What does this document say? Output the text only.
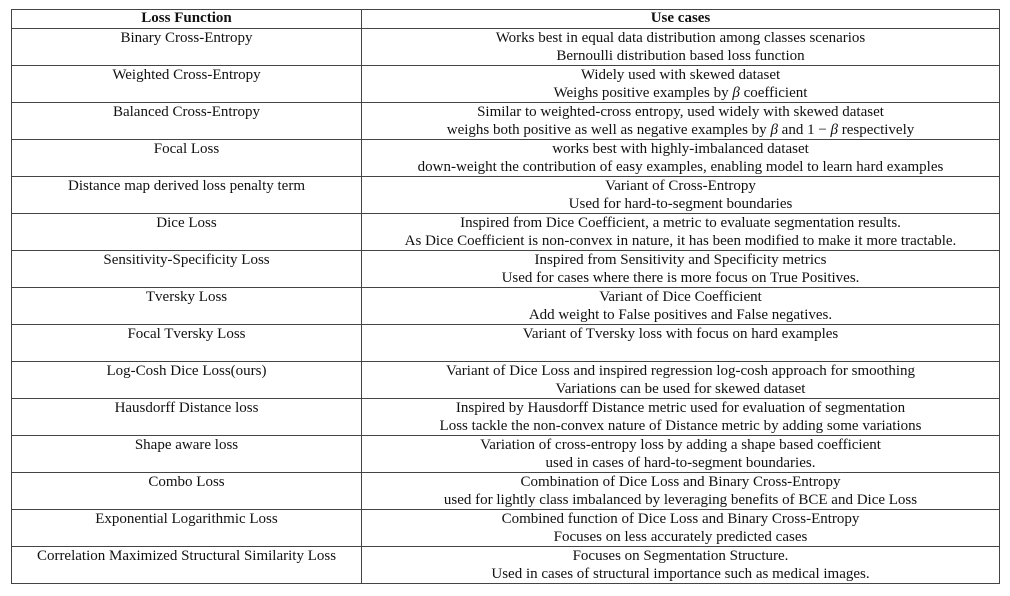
Loss Function	Use cases

Binary Cross-Entropy	Works best in equal data distribution among classes scenarios
Bernoulli distribution based loss function

Weighted Cross-Entropy	Widely used with skewed dataset
Weighs positive examples by β coefficient

Balanced Cross-Entropy	Similar to weighted-cross entropy, used widely with skewed dataset
weighs both positive as well as negative examples by β and 1 − β respectively

Focal Loss	works best with highly-imbalanced dataset
down-weight the contribution of easy examples, enabling model to learn hard examples

Distance map derived loss penalty term	Variant of Cross-Entropy
Used for hard-to-segment boundaries

Dice Loss	Inspired from Dice Coefficient, a metric to evaluate segmentation results.
As Dice Coefficient is non-convex in nature, it has been modified to make it more tractable.

Sensitivity-Specificity Loss	Inspired from Sensitivity and Specificity metrics
Used for cases where there is more focus on True Positives.

Tversky Loss	Variant of Dice Coefficient
Add weight to False positives and False negatives.

Focal Tversky Loss	Variant of Tversky loss with focus on hard examples

Log-Cosh Dice Loss(ours)	Variant of Dice Loss and inspired regression log-cosh approach for smoothing
Variations can be used for skewed dataset

Hausdorff Distance loss	Inspired by Hausdorff Distance metric used for evaluation of segmentation
Loss tackle the non-convex nature of Distance metric by adding some variations

Shape aware loss	Variation of cross-entropy loss by adding a shape based coefficient
used in cases of hard-to-segment boundaries.

Combo Loss	Combination of Dice Loss and Binary Cross-Entropy
used for lightly class imbalanced by leveraging benefits of BCE and Dice Loss

Exponential Logarithmic Loss	Combined function of Dice Loss and Binary Cross-Entropy
Focuses on less accurately predicted cases

Correlation Maximized Structural Similarity Loss	Focuses on Segmentation Structure.
Used in cases of structural importance such as medical images.
